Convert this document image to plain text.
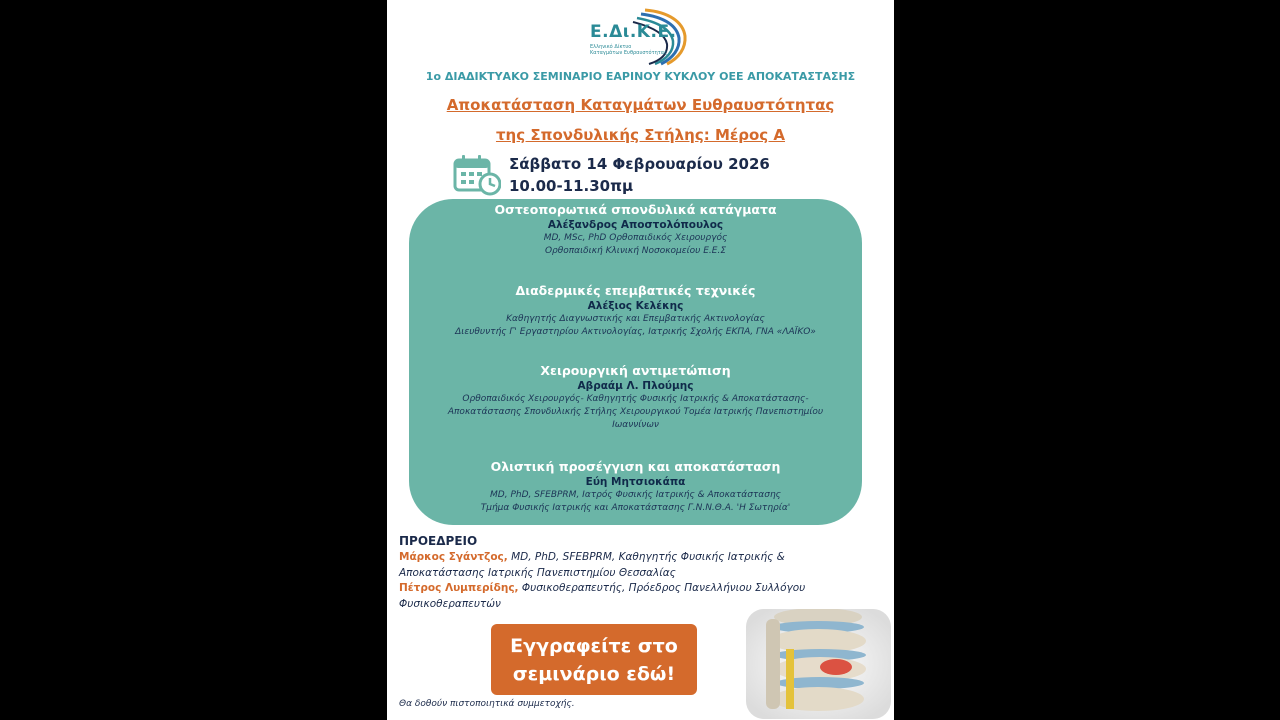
Ε.Δι.Κ.Ε.
Ελληνικό Δίκτυο
Καταγμάτων Ευθραυστότητας
1ο ΔΙΑΔΙΚΤΥΑΚΟ ΣΕΜΙΝΑΡΙΟ ΕΑΡΙΝΟΥ ΚΥΚΛΟΥ ΟΕΕ ΑΠΟΚΑΤΑΣΤΑΣΗΣ
Αποκατάσταση Καταγμάτων Ευθραυστότητας
της Σπονδυλικής Στήλης: Μέρος Α
Σάββατο 14 Φεβρουαρίου 2026
10.00-11.30πμ
Οστεοπορωτικά σπονδυλικά κατάγματα
Αλέξανδρος Αποστολόπουλος
MD, MSc, PhD Ορθοπαιδικός Χειρουργός
Ορθοπαιδική Κλινική Νοσοκομείου Ε.Ε.Σ
Διαδερμικές επεμβατικές τεχνικές
Αλέξιος Κελέκης
Καθηγητής Διαγνωστικής και Επεμβατικής Ακτινολογίας
Διευθυντής Γ' Εργαστηρίου Ακτινολογίας, Ιατρικής Σχολής ΕΚΠΑ, ΓΝΑ «ΛΑΪΚΟ»
Χειρουργική αντιμετώπιση
Αβραάμ Λ. Πλούμης
Ορθοπαιδικός Χειρουργός- Καθηγητής Φυσικής Ιατρικής & Αποκατάστασης-
Αποκατάστασης Σπονδυλικής Στήλης Χειρουργικού Τομέα Ιατρικής Πανεπιστημίου
Ιωαννίνων
Ολιστική προσέγγιση και αποκατάσταση
Εύη Μητσιοκάπα
MD, PhD, SFEBPRM, Ιατρός Φυσικής Ιατρικής & Αποκατάστασης
Τμήμα Φυσικής Ιατρικής και Αποκατάστασης Γ.Ν.Ν.Θ.Α. 'Η Σωτηρία'
ΠΡΟΕΔΡΕΙΟ
Μάρκος Σγάντζος, MD, PhD, SFEBPRM, Καθηγητής Φυσικής Ιατρικής &
Αποκατάστασης Ιατρικής Πανεπιστημίου Θεσσαλίας
Πέτρος Λυμπερίδης, Φυσικοθεραπευτής, Πρόεδρος Πανελλήνιου Συλλόγου
Φυσικοθεραπευτών
Εγγραφείτε στο
σεμινάριο εδώ!
Θα δοθούν πιστοποιητικά συμμετοχής.
